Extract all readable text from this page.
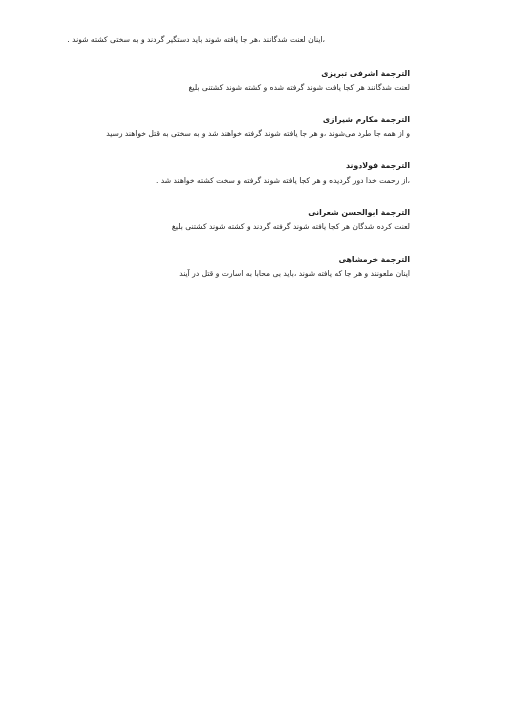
،اینان لعنت شدگانند ،هر جا یافته شوند باید دستگیر گردند و به سختی کشته شوند .
الترجمة اشرفی تبریزی
لعنت شدگانند هر کجا یافت شوند گرفته شده و کشته شوند کشتنی بلیغ
الترجمة مکارم شیرازی
و از همه جا طرد می‌شوند ،و هر جا یافته شوند گرفته خواهند شد و به سختی به قتل خواهند رسید
الترجمة فولادوند
،از رحمت خدا دور گردیده و هر کجا یافته شوند گرفته و سخت کشته خواهند شد .
الترجمة ابوالحسن شعرانی
لعنت کرده شدگان هر کجا یافته شوند گرفته گردند و کشته شوند کشتنی بلیغ
الترجمة خرمشاهی
اینان ملعونند و هر جا که یافته شوند ،باید بی محابا به اسارت و قتل در آیند
